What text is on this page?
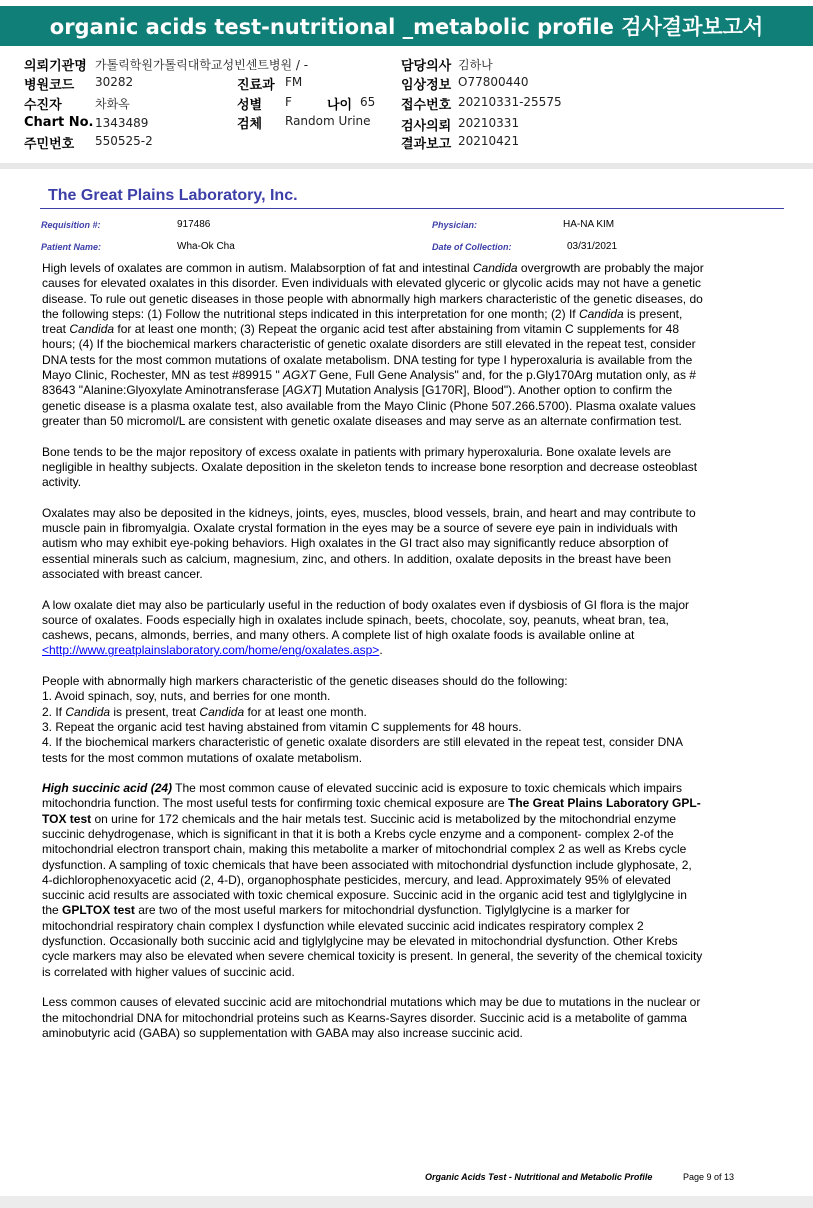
organic acids test-nutritional _metabolic profile 검사결과보고서
의뢰기관명 가톨릭학원가톨릭대학교성빈센트병원 / -
병원코드 30282
수진자	차화옥
Chart No. 1343489
주민번호 550525-2
진료과 FM
성별 F	나이 65
검체 Random Urine
담당의사 김하나
임상정보 O77800440
접수번호 20210331-25575
검사의뢰 20210331
결과보고 20210421
The Great Plains Laboratory, Inc.
Requisition #:	917486	Physician:	HA-NA KIM
Patient Name:	Wha-Ok Cha	Date of Collection:	03/31/2021

High levels of oxalates are common in autism. Malabsorption of fat and intestinal Candida overgrowth are probably the major causes for elevated oxalates in this disorder. Even individuals with elevated glyceric or glycolic acids may not have a genetic disease. To rule out genetic diseases in those people with abnormally high markers characteristic of the genetic diseases, do the following steps: (1) Follow the nutritional steps indicated in this interpretation for one month; (2) If Candida is present, treat Candida for at least one month; (3) Repeat the organic acid test after abstaining from vitamin C supplements for 48 hours; (4) If the biochemical markers characteristic of genetic oxalate disorders are still elevated in the repeat test, consider DNA tests for the most common mutations of oxalate metabolism. DNA testing for type I hyperoxaluria is available from the Mayo Clinic, Rochester, MN as test #89915 " AGXT Gene, Full Gene Analysis" and, for the p.Gly170Arg mutation only, as # 83643 "Alanine:Glyoxylate Aminotransferase [AGXT] Mutation Analysis [G170R], Blood"). Another option to confirm the genetic disease is a plasma oxalate test, also available from the Mayo Clinic (Phone 507.266.5700). Plasma oxalate values greater than 50 micromol/L are consistent with genetic oxalate diseases and may serve as an alternate confirmation test.

Bone tends to be the major repository of excess oxalate in patients with primary hyperoxaluria. Bone oxalate levels are negligible in healthy subjects. Oxalate deposition in the skeleton tends to increase bone resorption and decrease osteoblast activity.

Oxalates may also be deposited in the kidneys, joints, eyes, muscles, blood vessels, brain, and heart and may contribute to muscle pain in fibromyalgia. Oxalate crystal formation in the eyes may be a source of severe eye pain in individuals with autism who may exhibit eye-poking behaviors. High oxalates in the GI tract also may significantly reduce absorption of essential minerals such as calcium, magnesium, zinc, and others. In addition, oxalate deposits in the breast have been associated with breast cancer.

A low oxalate diet may also be particularly useful in the reduction of body oxalates even if dysbiosis of GI flora is the major source of oxalates. Foods especially high in oxalates include spinach, beets, chocolate, soy, peanuts, wheat bran, tea, cashews, pecans, almonds, berries, and many others. A complete list of high oxalate foods is available online at <http://www.greatplainslaboratory.com/home/eng/oxalates.asp>.

People with abnormally high markers characteristic of the genetic diseases should do the following:
1. Avoid spinach, soy, nuts, and berries for one month.
2. If Candida is present, treat Candida for at least one month.
3. Repeat the organic acid test having abstained from vitamin C supplements for 48 hours.
4. If the biochemical markers characteristic of genetic oxalate disorders are still elevated in the repeat test, consider DNA tests for the most common mutations of oxalate metabolism.

High succinic acid (24) The most common cause of elevated succinic acid is exposure to toxic chemicals which impairs mitochondria function. The most useful tests for confirming toxic chemical exposure are The Great Plains Laboratory GPL-TOX test on urine for 172 chemicals and the hair metals test. Succinic acid is metabolized by the mitochondrial enzyme succinic dehydrogenase, which is significant in that it is both a Krebs cycle enzyme and a component- complex 2-of the mitochondrial electron transport chain, making this metabolite a marker of mitochondrial complex 2 as well as Krebs cycle dysfunction. A sampling of toxic chemicals that have been associated with mitochondrial dysfunction include glyphosate, 2, 4-dichlorophenoxyacetic acid (2, 4-D), organophosphate pesticides, mercury, and lead. Approximately 95% of elevated succinic acid results are associated with toxic chemical exposure. Succinic acid in the organic acid test and tiglylglycine in the GPLTOX test are two of the most useful markers for mitochondrial dysfunction. Tiglylglycine is a marker for mitochondrial respiratory chain complex I dysfunction while elevated succinic acid indicates respiratory complex 2 dysfunction. Occasionally both succinic acid and tiglylglycine may be elevated in mitochondrial dysfunction. Other Krebs cycle markers may also be elevated when severe chemical toxicity is present. In general, the severity of the chemical toxicity is correlated with higher values of succinic acid.

Less common causes of elevated succinic acid are mitochondrial mutations which may be due to mutations in the nuclear or the mitochondrial DNA for mitochondrial proteins such as Kearns-Sayres disorder. Succinic acid is a metabolite of gamma aminobutyric acid (GABA) so supplementation with GABA may also increase succinic acid.

Organic Acids Test - Nutritional and Metabolic Profile	Page 9 of 13
